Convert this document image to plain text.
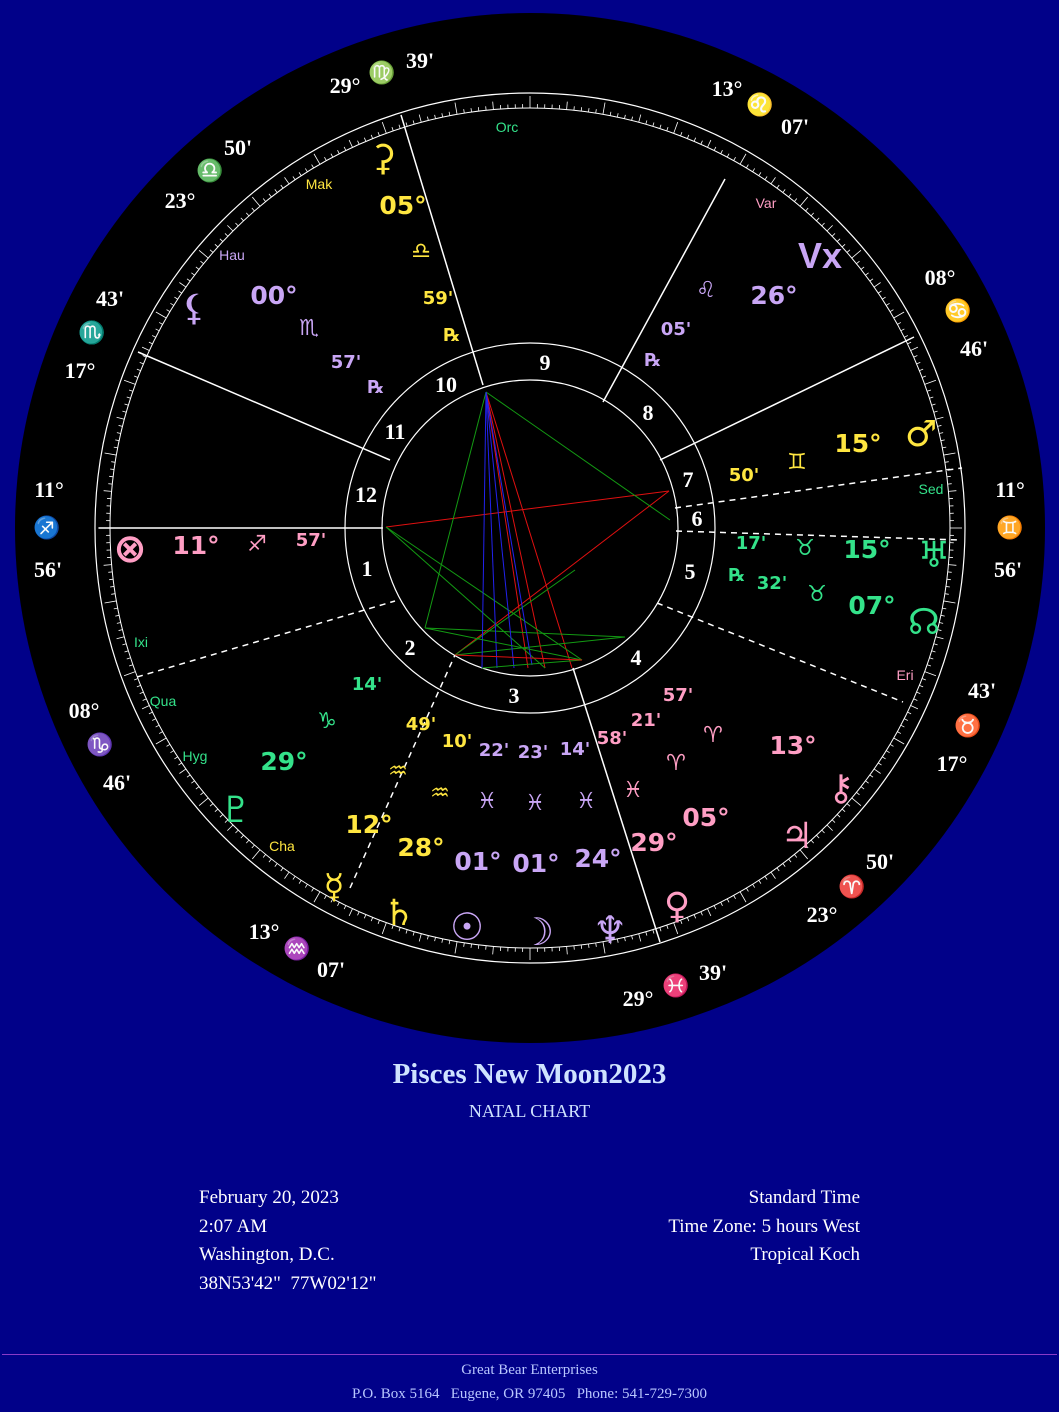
1
2
3
4
5
6
7
8
9
10
11
12
29°
♍ 39'
13°
♌
07'
08°
♋
46'
11°
♊
56'
43'
♉
17°
50'
♈
23°
29°
♓
39'
13°
♒
07'
08°
♑
46'
11°
♐
56'
43'
♏
17°
23°
♎
50'
Orc
Var
Sed
Eri
Cha
Hyg
Qua
Ixi
Hau
Mak
☉
01°
♓
22'
☽
01°
♓
23'
♆
24°
♓
14'
♄
28°
♒
10'
☿
12°
♒
49'
♇
29°
♑
14'
♀
29°
♓
58'
♃
05°
♈
21'
⚷
13°
♈
57'
♅
15°
♉
17'
℞
☊
07°
♉
32'
♂
15°
♊
50'
Vx
26°
♌
05'
℞
⚳
05°
♎
59'
℞
⚸ 00°
♏
57'
℞
⊗ 11° ♐ 57'
Pisces New Moon2023
NATAL CHART
February 20, 2023
2:07 AM
Washington, D.C.
38N53'42"  77W02'12"
Standard Time
Time Zone: 5 hours West
Tropical Koch
Great Bear Enterprises
P.O. Box 5164   Eugene, OR 97405   Phone: 541-729-7300
